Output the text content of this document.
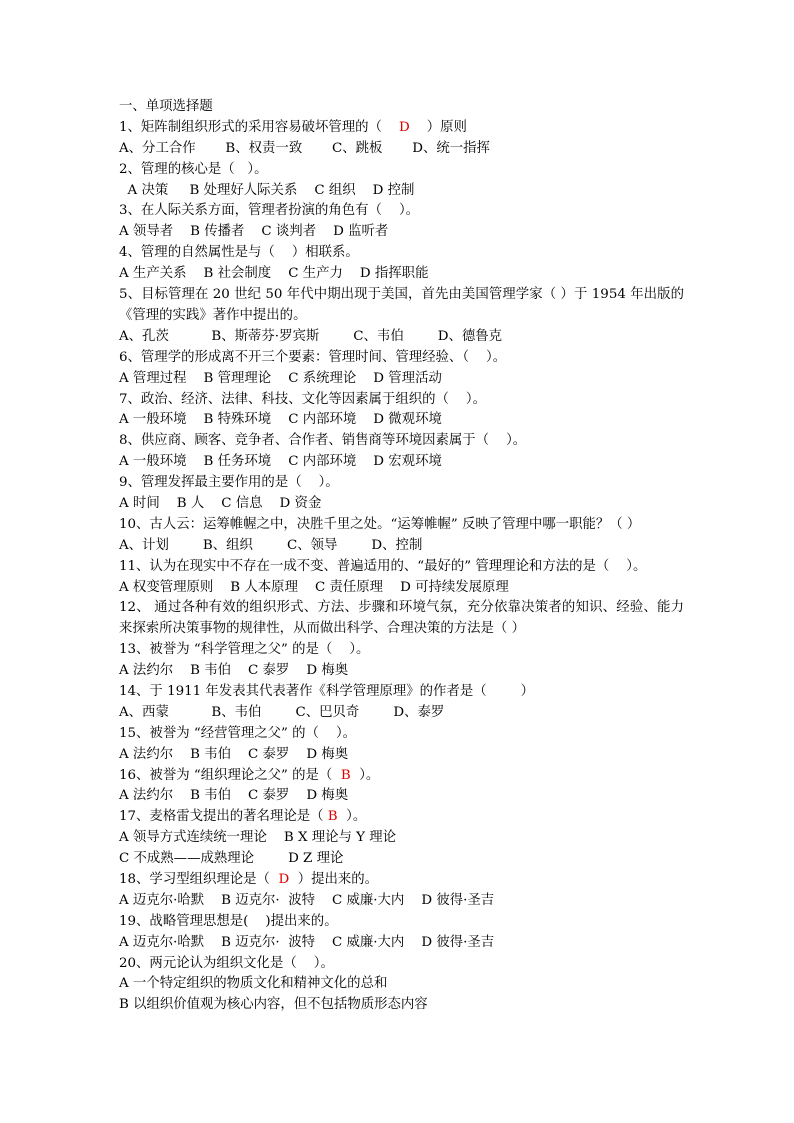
一、单项选择题
1、矩阵制组织形式的采用容易破坏管理的（    D    ）原则
A、分工合作       B、权责一致       C、跳板       D、统一指挥
2、管理的核心是（   ）。
A 决策     B 处理好人际关系    C 组织    D 控制
3、在人际关系方面，管理者扮演的角色有（    ）。
A 领导者    B 传播者    C 谈判者    D 监听者
4、管理的自然属性是与（    ）相联系。
A 生产关系    B 社会制度    C 生产力    D 指挥职能
5、目标管理在 20 世纪 50 年代中期出现于美国，首先由美国管理学家（ ）于 1954 年出版的《管理的实践》著作中提出的。
A、孔茨          B、斯蒂芬·罗宾斯        C、韦伯        D、德鲁克
6、管理学的形成离不开三个要素：管理时间、管理经验、（    ）。
A 管理过程    B 管理理论    C 系统理论    D 管理活动
7、政治、经济、法律、科技、文化等因素属于组织的（    ）。
A 一般环境    B 特殊环境    C 内部环境    D 微观环境
8、供应商、顾客、竞争者、合作者、销售商等环境因素属于（    ）。
A 一般环境    B 任务环境    C 内部环境    D 宏观环境
9、管理发挥最主要作用的是（    ）。
A 时间    B 人    C 信息    D 资金
10、古人云：运筹帷幄之中，决胜千里之处。“运筹帷幄” 反映了管理中哪一职能？（ ）
A、计划        B、组织        C、领导        D、控制
11、认为在现实中不存在一成不变、普遍适用的、“最好的” 管理理论和方法的是（    ）。
A 权变管理原则    B 人本原理    C 责任原理    D 可持续发展原理
12、 通过各种有效的组织形式、方法、步骤和环境气氛，充分依靠决策者的知识、经验、能力来探索所决策事物的规律性，从而做出科学、合理决策的方法是（ ）
13、被誉为 “科学管理之父” 的是（    ）。
A 法约尔    B 韦伯    C 泰罗    D 梅奥
14、于 1911 年发表其代表著作《科学管理原理》的作者是（        ）
A、西蒙          B、韦伯        C、巴贝奇        D、泰罗
15、被誉为 “经营管理之父” 的（    ）。
A 法约尔    B 韦伯    C 泰罗    D 梅奥
16、被誉为 “组织理论之父” 的是（  B  ）。
A 法约尔    B 韦伯    C 泰罗    D 梅奥
17、麦格雷戈提出的著名理论是（ B  ）。
A 领导方式连续统一理论    B X 理论与 Y 理论
C 不成熟——成熟理论        D Z 理论
18、学习型组织理论是（  D  ）提出来的。
A 迈克尔·哈默    B 迈克尔·  波特    C 威廉·大内    D 彼得·圣吉
19、战略管理思想是(    )提出来的。
A 迈克尔·哈默    B 迈克尔·  波特    C 威廉·大内    D 彼得·圣吉
20、两元论认为组织文化是（    ）。
A 一个特定组织的物质文化和精神文化的总和
B 以组织价值观为核心内容，但不包括物质形态内容
